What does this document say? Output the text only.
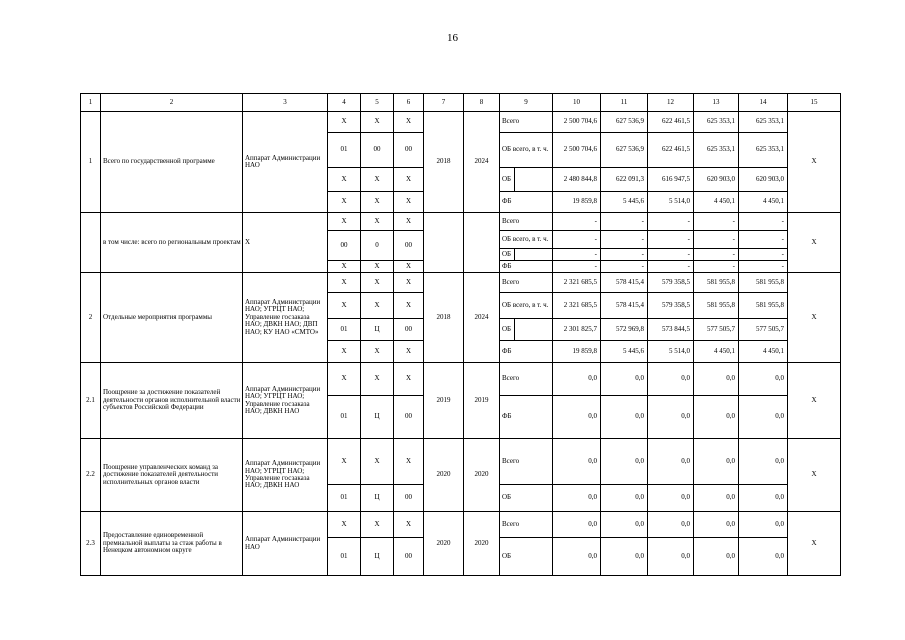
16
1	2	3	4	5	6	7	8	9	10	11	12	13	14	15
1	Всего по государственной программе	Аппарат Администрации НАО	Х	Х	Х	2018	2024	Всего	2 500 704,6	627 536,9	622 461,5	625 353,1	625 353,1	Х
			01	00	00			ОБ всего, в т. ч.	2 500 704,6	627 536,9	622 461,5	625 353,1	625 353,1	
			Х	Х	Х			ОБ	2 480 844,8	622 091,3	616 947,5	620 903,0	620 903,0	
			Х	Х	Х			ФБ	19 859,8	5 445,6	5 514,0	4 450,1	4 450,1	
	в том числе: всего по региональным проектам	Х	Х	Х	Х			Всего	-	-	-	-	-	Х
			00	0	00			ОБ всего, в т. ч.	-	-	-	-	-	
								ОБ	-	-	-	-	-	
			Х	Х	Х			ФБ	-	-	-	-	-	
2	Отдельные мероприятия программы	Аппарат Администрации НАО; УГРЦТ НАО; Управление госзаказа НАО; ДВКН НАО; ДВП НАО; КУ НАО «СМТО»	Х	Х	Х	2018	2024	Всего	2 321 685,5	578 415,4	579 358,5	581 955,8	581 955,8	Х
			Х	Х	Х			ОБ всего, в т. ч.	2 321 685,5	578 415,4	579 358,5	581 955,8	581 955,8	
			01	Ц	00			ОБ	2 301 825,7	572 969,8	573 844,5	577 505,7	577 505,7	
			Х	Х	Х			ФБ	19 859,8	5 445,6	5 514,0	4 450,1	4 450,1	
2.1	Поощрение за достижение показателей деятельности органов исполнительной власти субъектов Российской Федерации	Аппарат Администрации НАО; УГРЦТ НАО; Управление госзаказа НАО; ДВКН НАО	Х	Х	Х	2019	2019	Всего	0,0	0,0	0,0	0,0	0,0	Х
			01	Ц	00			ФБ	0,0	0,0	0,0	0,0	0,0	
2.2	Поощрение управленческих команд за достижение показателей деятельности исполнительных органов власти	Аппарат Администрации НАО; УГРЦТ НАО; Управление госзаказа НАО; ДВКН НАО	Х	Х	Х	2020	2020	Всего	0,0	0,0	0,0	0,0	0,0	Х
			01	Ц	00			ОБ	0,0	0,0	0,0	0,0	0,0	
2.3	Предоставление единовременной премиальной выплаты за стаж работы в Ненецком автономном округе	Аппарат Администрации НАО	Х	Х	Х	2020	2020	Всего	0,0	0,0	0,0	0,0	0,0	Х
			01	Ц	00			ОБ	0,0	0,0	0,0	0,0	0,0	
